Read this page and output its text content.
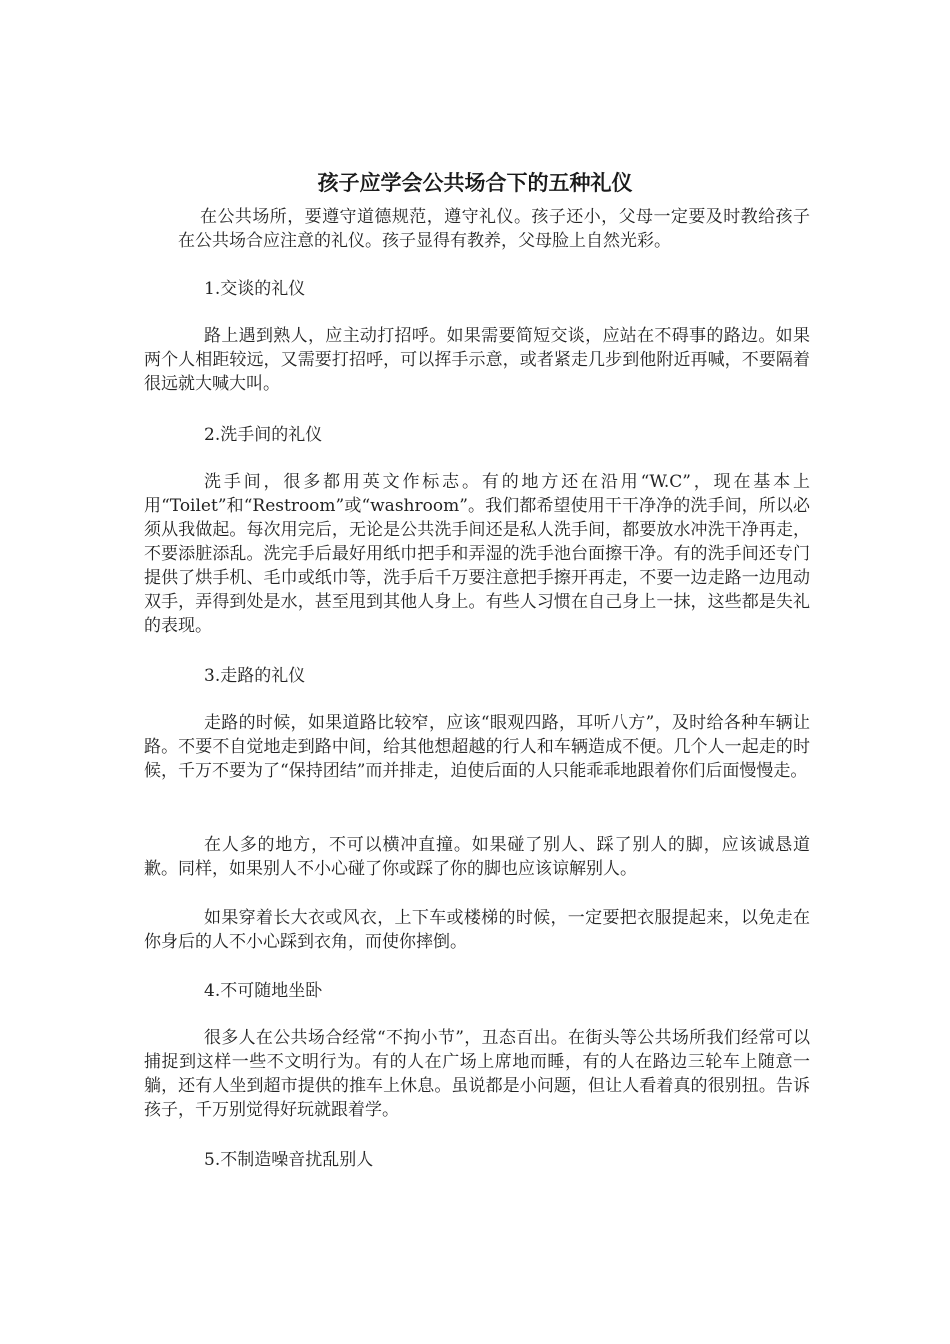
孩子应学会公共场合下的五种礼仪

在公共场所，要遵守道德规范，遵守礼仪。孩子还小，父母一定要及时教给孩子在公共场合应注意的礼仪。孩子显得有教养，父母脸上自然光彩。

1.交谈的礼仪

路上遇到熟人，应主动打招呼。如果需要简短交谈，应站在不碍事的路边。如果两个人相距较远，又需要打招呼，可以挥手示意，或者紧走几步到他附近再喊，不要隔着很远就大喊大叫。

2.洗手间的礼仪

洗手间，很多都用英文作标志。有的地方还在沿用“W.C”，现在基本上用“Toilet”和“Restroom”或“washroom”。我们都希望使用干干净净的洗手间，所以必须从我做起。每次用完后，无论是公共洗手间还是私人洗手间，都要放水冲洗干净再走，不要添脏添乱。洗完手后最好用纸巾把手和弄湿的洗手池台面擦干净。有的洗手间还专门提供了烘手机、毛巾或纸巾等，洗手后千万要注意把手擦开再走，不要一边走路一边甩动双手，弄得到处是水，甚至甩到其他人身上。有些人习惯在自己身上一抹，这些都是失礼的表现。

3.走路的礼仪

走路的时候，如果道路比较窄，应该“眼观四路，耳听八方”，及时给各种车辆让路。不要不自觉地走到路中间，给其他想超越的行人和车辆造成不便。几个人一起走的时候，千万不要为了“保持团结”而并排走，迫使后面的人只能乖乖地跟着你们后面慢慢走。

在人多的地方，不可以横冲直撞。如果碰了别人、踩了别人的脚，应该诚恳道歉。同样，如果别人不小心碰了你或踩了你的脚也应该谅解别人。

如果穿着长大衣或风衣，上下车或楼梯的时候，一定要把衣服提起来，以免走在你身后的人不小心踩到衣角，而使你摔倒。

4.不可随地坐卧

很多人在公共场合经常“不拘小节”，丑态百出。在街头等公共场所我们经常可以捕捉到这样一些不文明行为。有的人在广场上席地而睡，有的人在路边三轮车上随意一躺，还有人坐到超市提供的推车上休息。虽说都是小问题，但让人看着真的很别扭。告诉孩子，千万别觉得好玩就跟着学。

5.不制造噪音扰乱别人
